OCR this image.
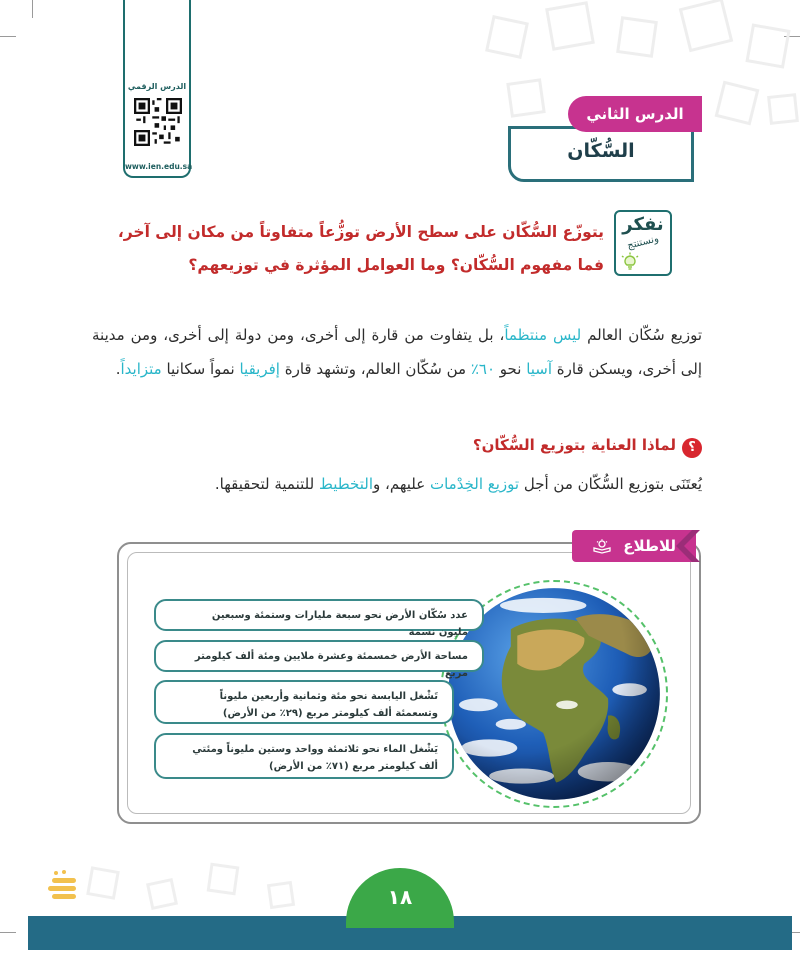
الدرس الرقمي
www.ien.edu.sa
الدرس الثاني
السُّكّان
نفكر
ونستنتج
يتوزّع السُّكّان على سطح الأرض توزُّعاً متفاوتاً من مكان إلى آخر، فما مفهوم السُّكّان؟ وما العوامل المؤثرة في توزيعهم؟
توزيع سُكّان العالم ليس منتظماً، بل يتفاوت من قارة إلى أخرى، ومن دولة إلى أخرى، ومن مدينة إلى أخرى، ويسكن قارة آسيا نحو ٦٠٪ من سُكّان العالم، وتشهد قارة إفريقيا نمواً سكانيا متزايداً.
؟
لماذا العناية بتوزيع السُّكّان؟
يُعتَنَى بتوزيع السُّكّان من أجل توزيع الخِدْمات عليهم، والتخطيط للتنمية لتحقيقها.
للاطلاع
عدد سُكّان الأرض نحو سبعة مليارات وستمئة وسبعين مليون نسمة
مساحة الأرض خمسمئة وعشرة ملايين ومئة ألف كيلومتر مربع
تَشْغل اليابسة نحو مئة وثمانية وأربعين مليوناً وتسعمئة ألف كيلومتر مربع (٢٩٪ من الأرض)
يَشْغل الماء نحو ثلاثمئة وواحد وستين مليوناً ومئتي ألف كيلومتر مربع (٧١٪ من الأرض)
١٨
